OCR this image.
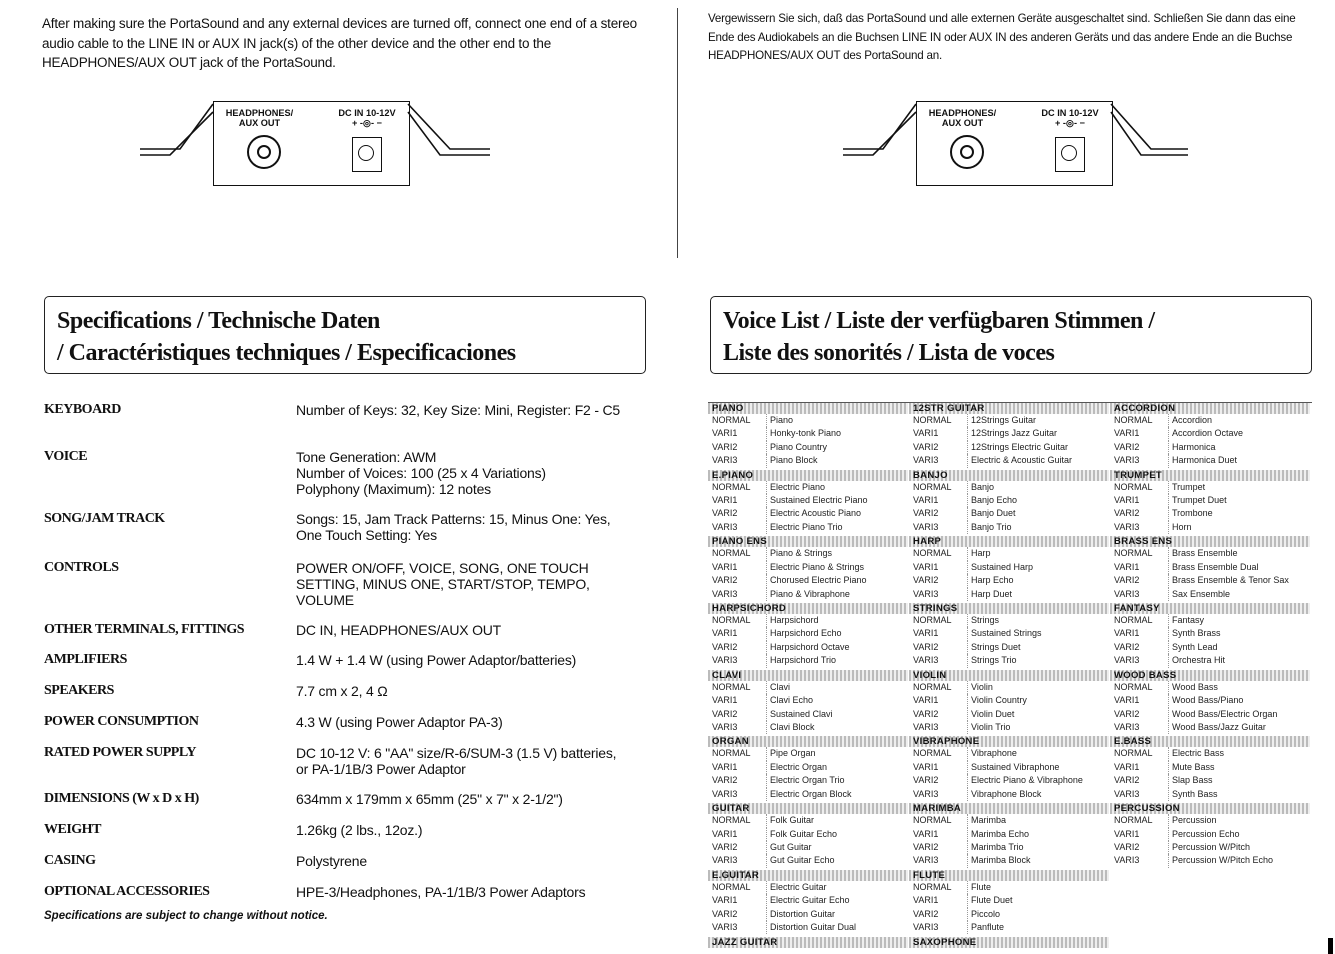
After making sure the PortaSound and any external devices are turned off, connect one end of a stereo audio cable to the LINE IN or AUX IN jack(s) of the other device and the other end to the HEADPHONES/AUX OUT jack of the PortaSound.
HEADPHONES/ AUX OUT
DC IN 10-12V
+ -◎- −
Specifications / Technische Daten
/ Caractéristiques techniques / Especificaciones
KEYBOARD	Number of Keys: 32, Key Size: Mini, Register: F2 - C5
VOICE	Tone Generation: AWM
Number of Voices: 100 (25 x 4 Variations)
Polyphony (Maximum): 12 notes
SONG/JAM TRACK	Songs: 15, Jam Track Patterns: 15, Minus One: Yes,
One Touch Setting: Yes
CONTROLS	POWER ON/OFF, VOICE, SONG, ONE TOUCH
SETTING, MINUS ONE, START/STOP, TEMPO,
VOLUME
OTHER TERMINALS, FITTINGS	DC IN, HEADPHONES/AUX OUT
AMPLIFIERS	1.4 W + 1.4 W (using Power Adaptor/batteries)
SPEAKERS	7.7 cm x 2, 4 Ω
POWER CONSUMPTION	4.3 W (using Power Adaptor PA-3)
RATED POWER SUPPLY	DC 10-12 V: 6 "AA" size/R-6/SUM-3 (1.5 V) batteries,
or PA-1/1B/3 Power Adaptor
DIMENSIONS (W x D x H)	634mm x 179mm x 65mm (25" x 7" x 2-1/2")
WEIGHT	1.26kg (2 lbs., 12oz.)
CASING	Polystyrene
OPTIONAL ACCESSORIES	HPE-3/Headphones, PA-1/1B/3 Power Adaptors
Specifications are subject to change without notice.
Vergewissern Sie sich, daß das PortaSound und alle externen Geräte ausgeschaltet sind. Schließen Sie dann das eine Ende des Audiokabels an die Buchsen LINE IN oder AUX IN des anderen Geräts und das andere Ende an die Buchse HEADPHONES/AUX OUT des PortaSound an.
HEADPHONES/ AUX OUT
DC IN 10-12V
+ -◎- −
Voice List / Liste der verfügbaren Stimmen /
Liste des sonorités / Lista de voces
PIANO
NORMAL	Piano
VARI1	Honky-tonk Piano
VARI2	Piano Country
VARI3	Piano Block
E.PIANO
NORMAL	Electric Piano
VARI1	Sustained Electric Piano
VARI2	Electric Acoustic Piano
VARI3	Electric Piano Trio
PIANO ENS
NORMAL	Piano & Strings
VARI1	Electric Piano & Strings
VARI2	Chorused Electric Piano
VARI3	Piano & Vibraphone
HARPSICHORD
NORMAL	Harpsichord
VARI1	Harpsichord Echo
VARI2	Harpsichord Octave
VARI3	Harpsichord Trio
CLAVI
NORMAL	Clavi
VARI1	Clavi Echo
VARI2	Sustained Clavi
VARI3	Clavi Block
ORGAN
NORMAL	Pipe Organ
VARI1	Electric Organ
VARI2	Electric Organ Trio
VARI3	Electric Organ Block
GUITAR
NORMAL	Folk Guitar
VARI1	Folk Guitar Echo
VARI2	Gut Guitar
VARI3	Gut Guitar Echo
E.GUITAR
NORMAL	Electric Guitar
VARI1	Electric Guitar Echo
VARI2	Distortion Guitar
VARI3	Distortion Guitar Dual
JAZZ GUITAR
12STR GUITAR
NORMAL	12Strings Guitar
VARI1	12Strings Jazz Guitar
VARI2	12Strings Electric Guitar
VARI3	Electric & Acoustic Guitar
BANJO
NORMAL	Banjo
VARI1	Banjo Echo
VARI2	Banjo Duet
VARI3	Banjo Trio
HARP
NORMAL	Harp
VARI1	Sustained Harp
VARI2	Harp Echo
VARI3	Harp Duet
STRINGS
NORMAL	Strings
VARI1	Sustained Strings
VARI2	Strings Duet
VARI3	Strings Trio
VIOLIN
NORMAL	Violin
VARI1	Violin Country
VARI2	Violin Duet
VARI3	Violin Trio
VIBRAPHONE
NORMAL	Vibraphone
VARI1	Sustained Vibraphone
VARI2	Electric Piano & Vibraphone
VARI3	Vibraphone Block
MARIMBA
NORMAL	Marimba
VARI1	Marimba Echo
VARI2	Marimba Trio
VARI3	Marimba Block
FLUTE
NORMAL	Flute
VARI1	Flute Duet
VARI2	Piccolo
VARI3	Panflute
SAXOPHONE
ACCORDION
NORMAL	Accordion
VARI1	Accordion Octave
VARI2	Harmonica
VARI3	Harmonica Duet
TRUMPET
NORMAL	Trumpet
VARI1	Trumpet Duet
VARI2	Trombone
VARI3	Horn
BRASS ENS
NORMAL	Brass Ensemble
VARI1	Brass Ensemble Dual
VARI2	Brass Ensemble & Tenor Sax
VARI3	Sax Ensemble
FANTASY
NORMAL	Fantasy
VARI1	Synth Brass
VARI2	Synth Lead
VARI3	Orchestra Hit
WOOD BASS
NORMAL	Wood Bass
VARI1	Wood Bass/Piano
VARI2	Wood Bass/Electric Organ
VARI3	Wood Bass/Jazz Guitar
E.BASS
NORMAL	Electric Bass
VARI1	Mute Bass
VARI2	Slap Bass
VARI3	Synth Bass
PERCUSSION
NORMAL	Percussion
VARI1	Percussion Echo
VARI2	Percussion W/Pitch
VARI3	Percussion W/Pitch Echo
